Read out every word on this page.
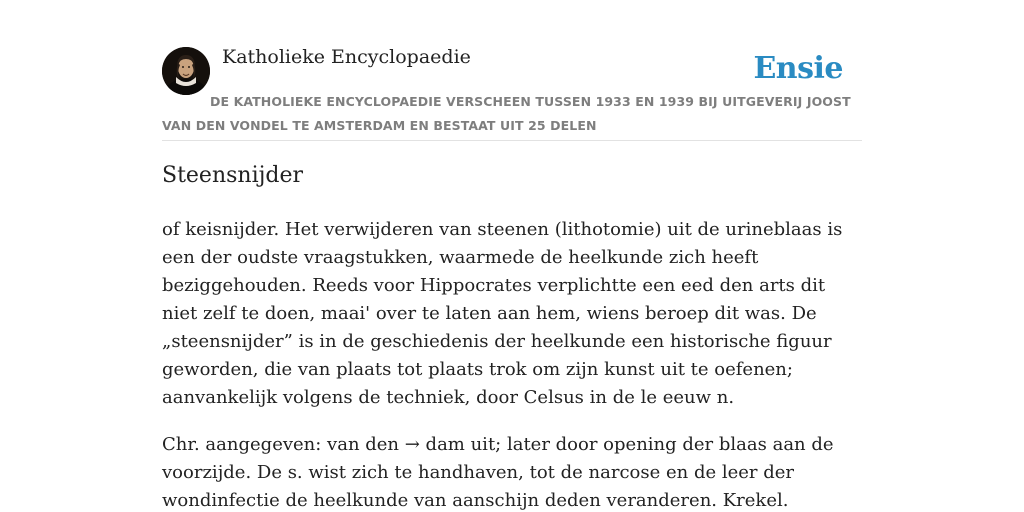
Katholieke Encyclopaedie	Ensie
DE KATHOLIEKE ENCYCLOPAEDIE VERSCHEEN TUSSEN 1933 EN 1939 BIJ UITGEVERIJ JOOST VAN DEN VONDEL TE AMSTERDAM EN BESTAAT UIT 25 DELEN
Steensnijder

of keisnijder. Het verwijderen van steenen (lithotomie) uit de urineblaas is een der oudste vraagstukken, waarmede de heelkunde zich heeft beziggehouden. Reeds voor Hippocrates verplichtte een eed den arts dit niet zelf te doen, maai' over te laten aan hem, wiens beroep dit was. De „steensnijder” is in de geschiedenis der heelkunde een historische figuur geworden, die van plaats tot plaats trok om zijn kunst uit te oefenen; aanvankelijk volgens de techniek, door Celsus in de le eeuw n.

Chr. aangegeven: van den → dam uit; later door opening der blaas aan de voorzijde. De s. wist zich te handhaven, tot de narcose en de leer der wondinfectie de heelkunde van aanschijn deden veranderen. Krekel.
